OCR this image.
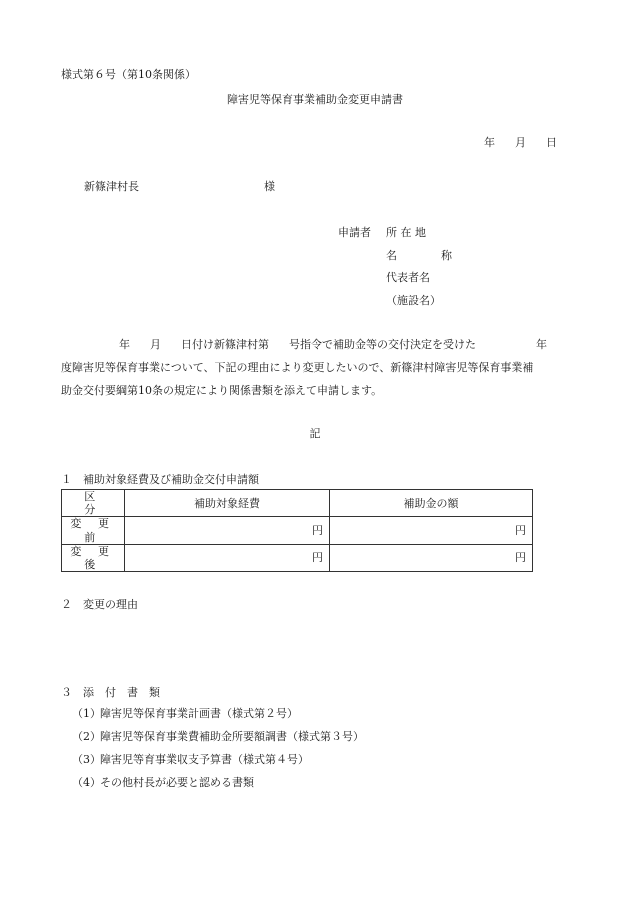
様式第６号（第10条関係）
障害児等保育事業補助金変更申請書
年 月 日
新篠津村長	様
申請者 所 在 地
名　称
代表者名
（施設名）
年 月 日付け新篠津村第 号指令で補助金等の交付決定を受けた	年
度障害児等保育事業について、下記の理由により変更したいので、新篠津村障害児等保育事業補
助金交付要綱第10条の規定により関係書類を添えて申請します。
記
１　補助対象経費及び補助金交付申請額
区　分	補助対象経費	補助金の額
変 更 前	円	円
変 更 後	円	円
２　変更の理由
３　添　付　書　類
（1）障害児等保育事業計画書（様式第２号）
（2）障害児等保育事業費補助金所要額調書（様式第３号）
（3）障害児等育事業収支予算書（様式第４号）
（4）その他村長が必要と認める書類
